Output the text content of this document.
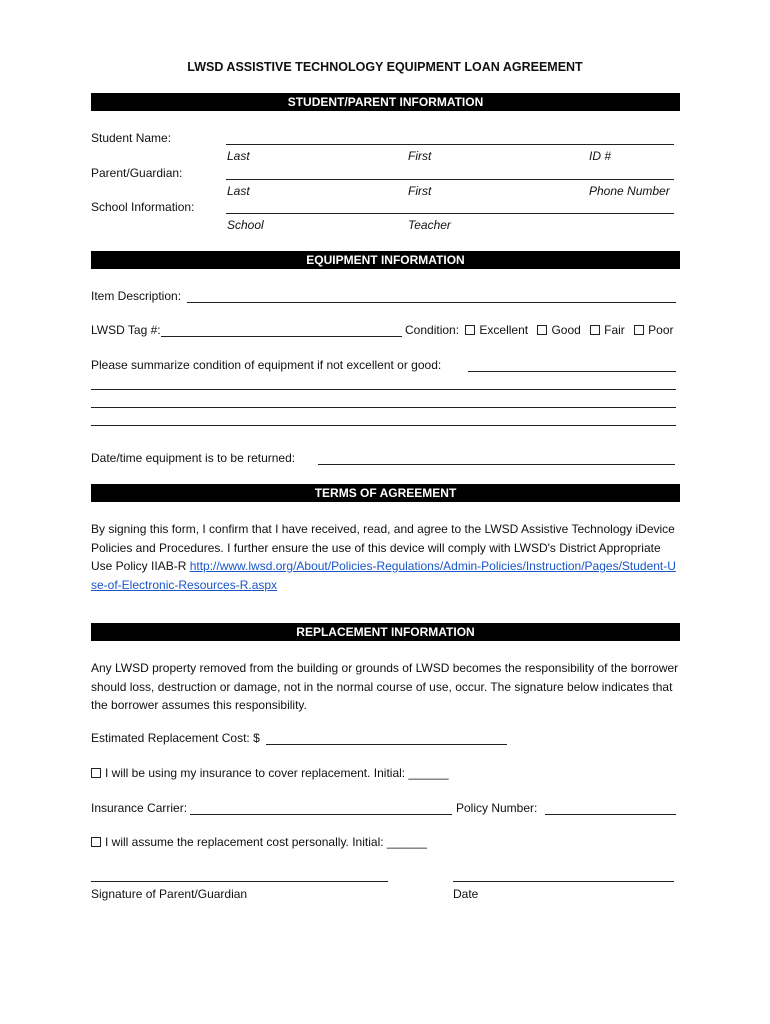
LWSD ASSISTIVE TECHNOLOGY EQUIPMENT LOAN AGREEMENT
STUDENT/PARENT INFORMATION
Student Name:
Last	First	ID #
Parent/Guardian:
Last	First	Phone Number
School Information:
School	Teacher
EQUIPMENT INFORMATION
Item Description:
LWSD Tag #:	Condition: Excellent Good Fair Poor
Please summarize condition of equipment if not excellent or good:
Date/time equipment is to be returned:
TERMS OF AGREEMENT
By signing this form, I confirm that I have received, read, and agree to the LWSD Assistive Technology iDevice Policies and Procedures. I further ensure the use of this device will comply with LWSD's District Appropriate Use Policy IIAB-R http://www.lwsd.org/About/Policies-Regulations/Admin-Policies/Instruction/Pages/Student-Use-of-Electronic-Resources-R.aspx
REPLACEMENT INFORMATION
Any LWSD property removed from the building or grounds of LWSD becomes the responsibility of the borrower should loss, destruction or damage, not in the normal course of use, occur. The signature below indicates that the borrower assumes this responsibility.
Estimated Replacement Cost: $
I will be using my insurance to cover replacement. Initial: ______
Insurance Carrier:	Policy Number:
I will assume the replacement cost personally. Initial: ______
Signature of Parent/Guardian	Date
